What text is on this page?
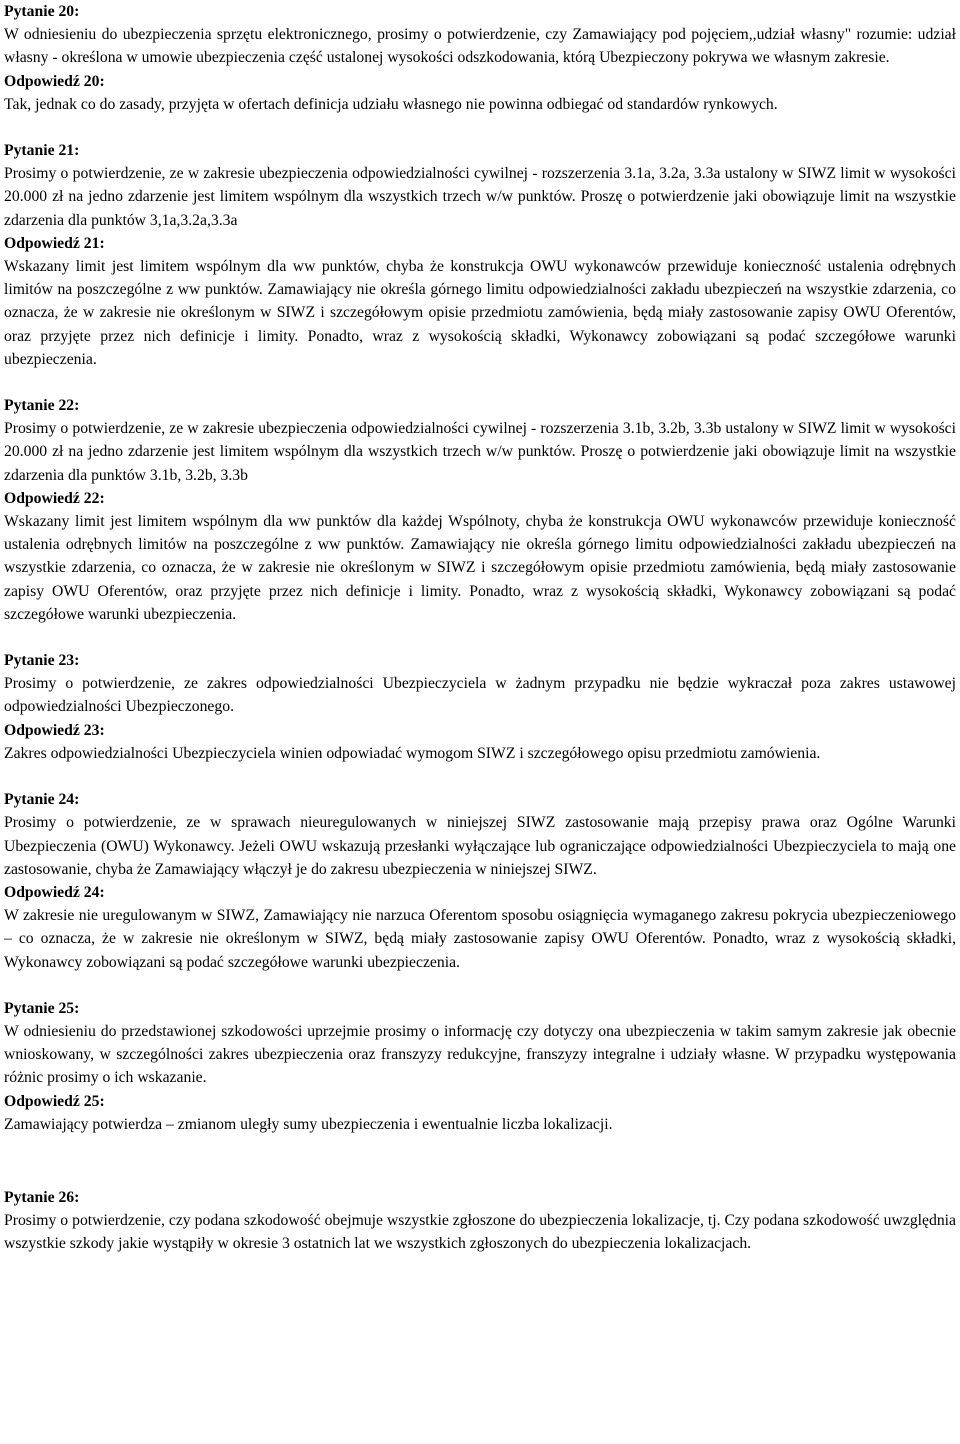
Pytanie 20:
W odniesieniu do ubezpieczenia sprzętu elektronicznego, prosimy o potwierdzenie, czy Zamawiający pod pojęciem,,udział własny" rozumie: udział własny - określona w umowie ubezpieczenia część ustalonej wysokości odszkodowania, którą Ubezpieczony pokrywa we własnym zakresie.
Odpowiedź 20:
Tak, jednak co do zasady, przyjęta w ofertach definicja udziału własnego nie powinna odbiegać od standardów rynkowych.
Pytanie 21:
Prosimy o potwierdzenie, ze w zakresie ubezpieczenia odpowiedzialności cywilnej - rozszerzenia 3.1a, 3.2a, 3.3a ustalony w SIWZ limit w wysokości 20.000 zł na jedno zdarzenie jest limitem wspólnym dla wszystkich trzech w/w punktów. Proszę o potwierdzenie jaki obowiązuje limit na wszystkie zdarzenia dla punktów 3,1a,3.2a,3.3a
Odpowiedź 21:
Wskazany limit jest limitem wspólnym dla ww punktów, chyba że konstrukcja OWU wykonawców przewiduje konieczność ustalenia odrębnych limitów na poszczególne z ww punktów. Zamawiający nie określa górnego limitu odpowiedzialności zakładu ubezpieczeń na wszystkie zdarzenia, co oznacza, że w zakresie nie określonym w SIWZ i szczegółowym opisie przedmiotu zamówienia, będą miały zastosowanie zapisy OWU Oferentów, oraz przyjęte przez nich definicje i limity. Ponadto, wraz z wysokością składki, Wykonawcy zobowiązani są podać szczegółowe warunki ubezpieczenia.
Pytanie 22:
Prosimy o potwierdzenie, ze w zakresie ubezpieczenia odpowiedzialności cywilnej - rozszerzenia 3.1b, 3.2b, 3.3b ustalony w SIWZ limit w wysokości 20.000 zł na jedno zdarzenie jest limitem wspólnym dla wszystkich trzech w/w punktów. Proszę o potwierdzenie jaki obowiązuje limit na wszystkie zdarzenia dla punktów 3.1b, 3.2b, 3.3b
Odpowiedź 22:
Wskazany limit jest limitem wspólnym dla ww punktów dla każdej Wspólnoty, chyba że konstrukcja OWU wykonawców przewiduje konieczność ustalenia odrębnych limitów na poszczególne z ww punktów. Zamawiający nie określa górnego limitu odpowiedzialności zakładu ubezpieczeń na wszystkie zdarzenia, co oznacza, że w zakresie nie określonym w SIWZ i szczegółowym opisie przedmiotu zamówienia, będą miały zastosowanie zapisy OWU Oferentów, oraz przyjęte przez nich definicje i limity. Ponadto, wraz z wysokością składki, Wykonawcy zobowiązani są podać szczegółowe warunki ubezpieczenia.
Pytanie 23:
Prosimy o potwierdzenie, ze zakres odpowiedzialności Ubezpieczyciela w żadnym przypadku nie będzie wykraczał poza zakres ustawowej odpowiedzialności Ubezpieczonego.
Odpowiedź 23:
Zakres odpowiedzialności Ubezpieczyciela winien odpowiadać wymogom SIWZ i szczegółowego opisu przedmiotu zamówienia.
Pytanie 24:
Prosimy o potwierdzenie, ze w sprawach nieuregulowanych w niniejszej SIWZ zastosowanie mają przepisy prawa oraz Ogólne Warunki Ubezpieczenia (OWU) Wykonawcy. Jeżeli OWU wskazują przesłanki wyłączające lub ograniczające odpowiedzialności Ubezpieczyciela to mają one zastosowanie, chyba że Zamawiający włączył je do zakresu ubezpieczenia w niniejszej SIWZ.
Odpowiedź 24:
W zakresie nie uregulowanym w SIWZ, Zamawiający nie narzuca Oferentom sposobu osiągnięcia wymaganego zakresu pokrycia ubezpieczeniowego – co oznacza, że w zakresie nie określonym w SIWZ, będą miały zastosowanie zapisy OWU Oferentów. Ponadto, wraz z wysokością składki, Wykonawcy zobowiązani są podać szczegółowe warunki ubezpieczenia.
Pytanie 25:
W odniesieniu do przedstawionej szkodowości uprzejmie prosimy o informację czy dotyczy ona ubezpieczenia w takim samym zakresie jak obecnie wnioskowany, w szczególności zakres ubezpieczenia oraz franszyzy redukcyjne, franszyzy integralne i udziały własne. W przypadku występowania różnic prosimy o ich wskazanie.
Odpowiedź 25:
Zamawiający potwierdza – zmianom uległy sumy ubezpieczenia i ewentualnie liczba lokalizacji.
Pytanie 26:
Prosimy o potwierdzenie, czy podana szkodowość obejmuje wszystkie zgłoszone do ubezpieczenia lokalizacje, tj. Czy podana szkodowość uwzględnia wszystkie szkody jakie wystąpiły w okresie 3 ostatnich lat we wszystkich zgłoszonych do ubezpieczenia lokalizacjach.
